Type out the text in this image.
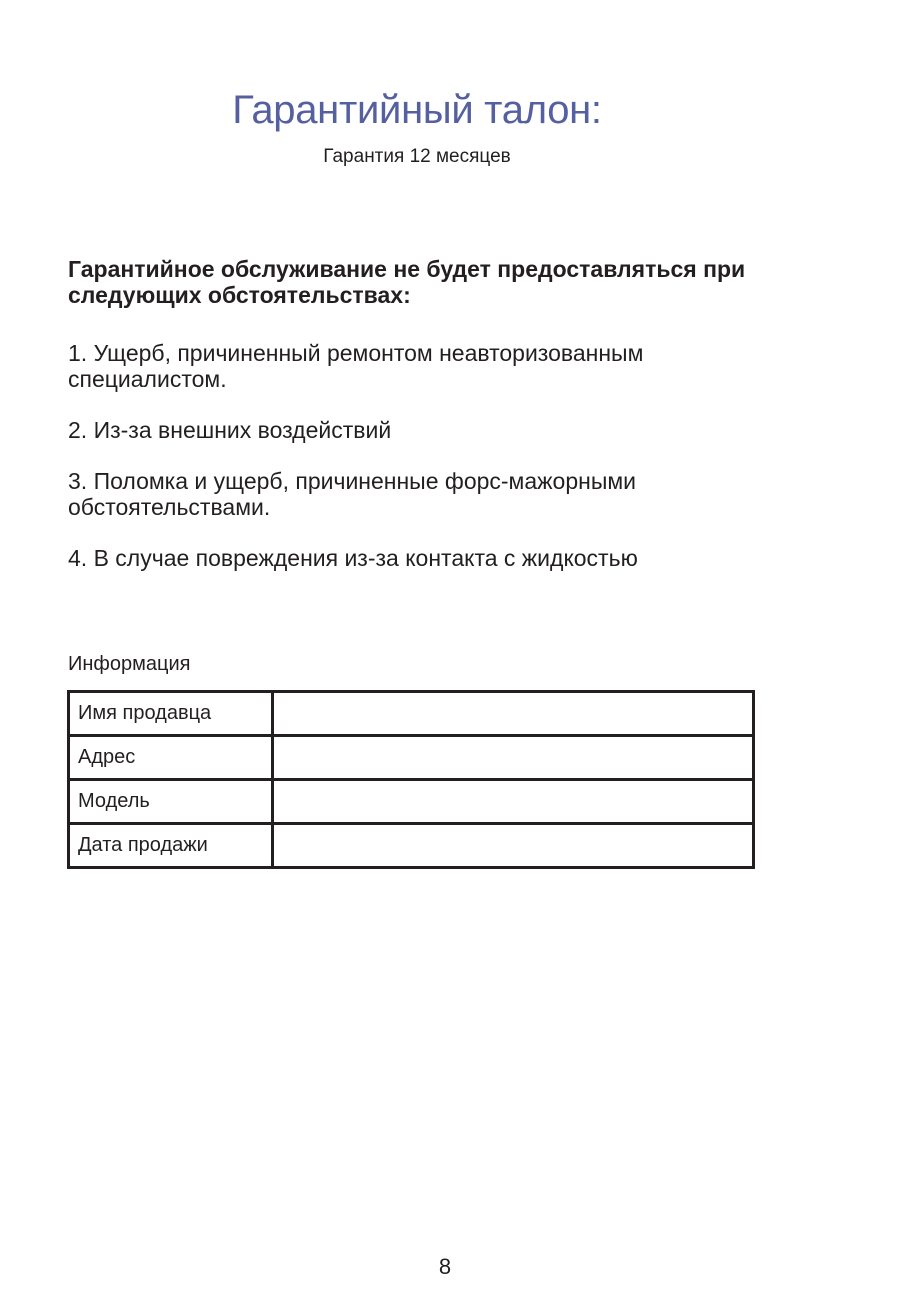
Гарантийный талон:
Гарантия 12 месяцев
Гарантийное обслуживание не будет предоставляться при следующих обстоятельствах:
1. Ущерб, причиненный ремонтом неавторизованным специалистом.
2. Из-за внешних воздействий
3. Поломка и ущерб, причиненные форс-мажорными обстоятельствами.
4. В случае повреждения из-за контакта с жидкостью
Информация
Имя продавца	
Адрес	
Модель	
Дата продажи	
8
